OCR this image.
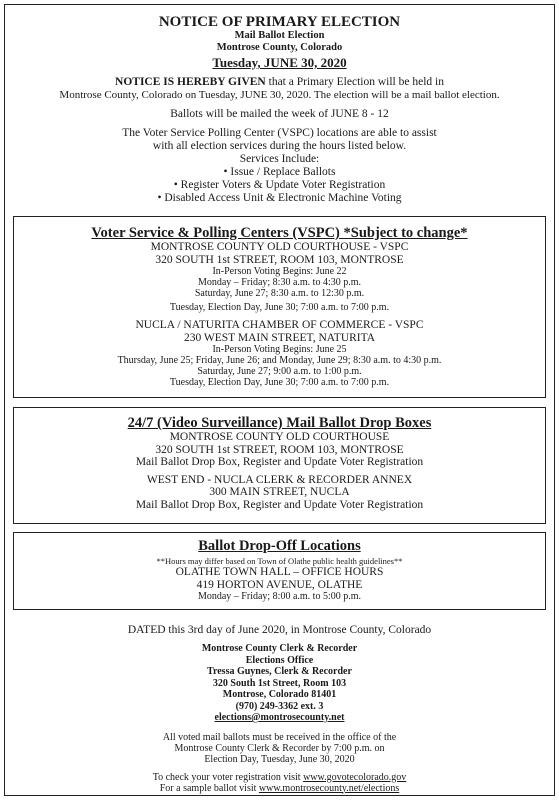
NOTICE OF PRIMARY ELECTION
Mail Ballot Election
Montrose County, Colorado
Tuesday, JUNE 30, 2020
NOTICE IS HEREBY GIVEN that a Primary Election will be held in
Montrose County, Colorado on Tuesday, JUNE 30, 2020. The election will be a mail ballot election.
Ballots will be mailed the week of JUNE 8 - 12
The Voter Service Polling Center (VSPC) locations are able to assist
with all election services during the hours listed below.
Services Include:
• Issue / Replace Ballots
• Register Voters & Update Voter Registration
• Disabled Access Unit & Electronic Machine Voting
Voter Service & Polling Centers (VSPC) *Subject to change*
MONTROSE COUNTY OLD COURTHOUSE - VSPC
320 SOUTH 1st STREET, ROOM 103, MONTROSE
In-Person Voting Begins: June 22
Monday – Friday; 8:30 a.m. to 4:30 p.m.
Saturday, June 27; 8:30 a.m. to 12:30 p.m.
Tuesday, Election Day, June 30; 7:00 a.m. to 7:00 p.m.
NUCLA / NATURITA CHAMBER OF COMMERCE - VSPC
230 WEST MAIN STREET, NATURITA
In-Person Voting Begins: June 25
Thursday, June 25; Friday, June 26; and Monday, June 29; 8:30 a.m. to 4:30 p.m.
Saturday, June 27; 9:00 a.m. to 1:00 p.m.
Tuesday, Election Day, June 30; 7:00 a.m. to 7:00 p.m.
24/7 (Video Surveillance) Mail Ballot Drop Boxes
MONTROSE COUNTY OLD COURTHOUSE
320 SOUTH 1st STREET, ROOM 103, MONTROSE
Mail Ballot Drop Box, Register and Update Voter Registration
WEST END - NUCLA CLERK & RECORDER ANNEX
300 MAIN STREET, NUCLA
Mail Ballot Drop Box, Register and Update Voter Registration
Ballot Drop-Off Locations
**Hours may differ based on Town of Olathe public health guidelines**
OLATHE TOWN HALL – OFFICE HOURS
419 HORTON AVENUE, OLATHE
Monday – Friday; 8:00 a.m. to 5:00 p.m.
DATED this 3rd day of June 2020, in Montrose County, Colorado
Montrose County Clerk & Recorder
Elections Office
Tressa Guynes, Clerk & Recorder
320 South 1st Street, Room 103
Montrose, Colorado 81401
(970) 249-3362 ext. 3
elections@montrosecounty.net
All voted mail ballots must be received in the office of the
Montrose County Clerk & Recorder by 7:00 p.m. on
Election Day, Tuesday, June 30, 2020
To check your voter registration visit www.govotecolorado.gov
For a sample ballot visit www.montrosecounty.net/elections
